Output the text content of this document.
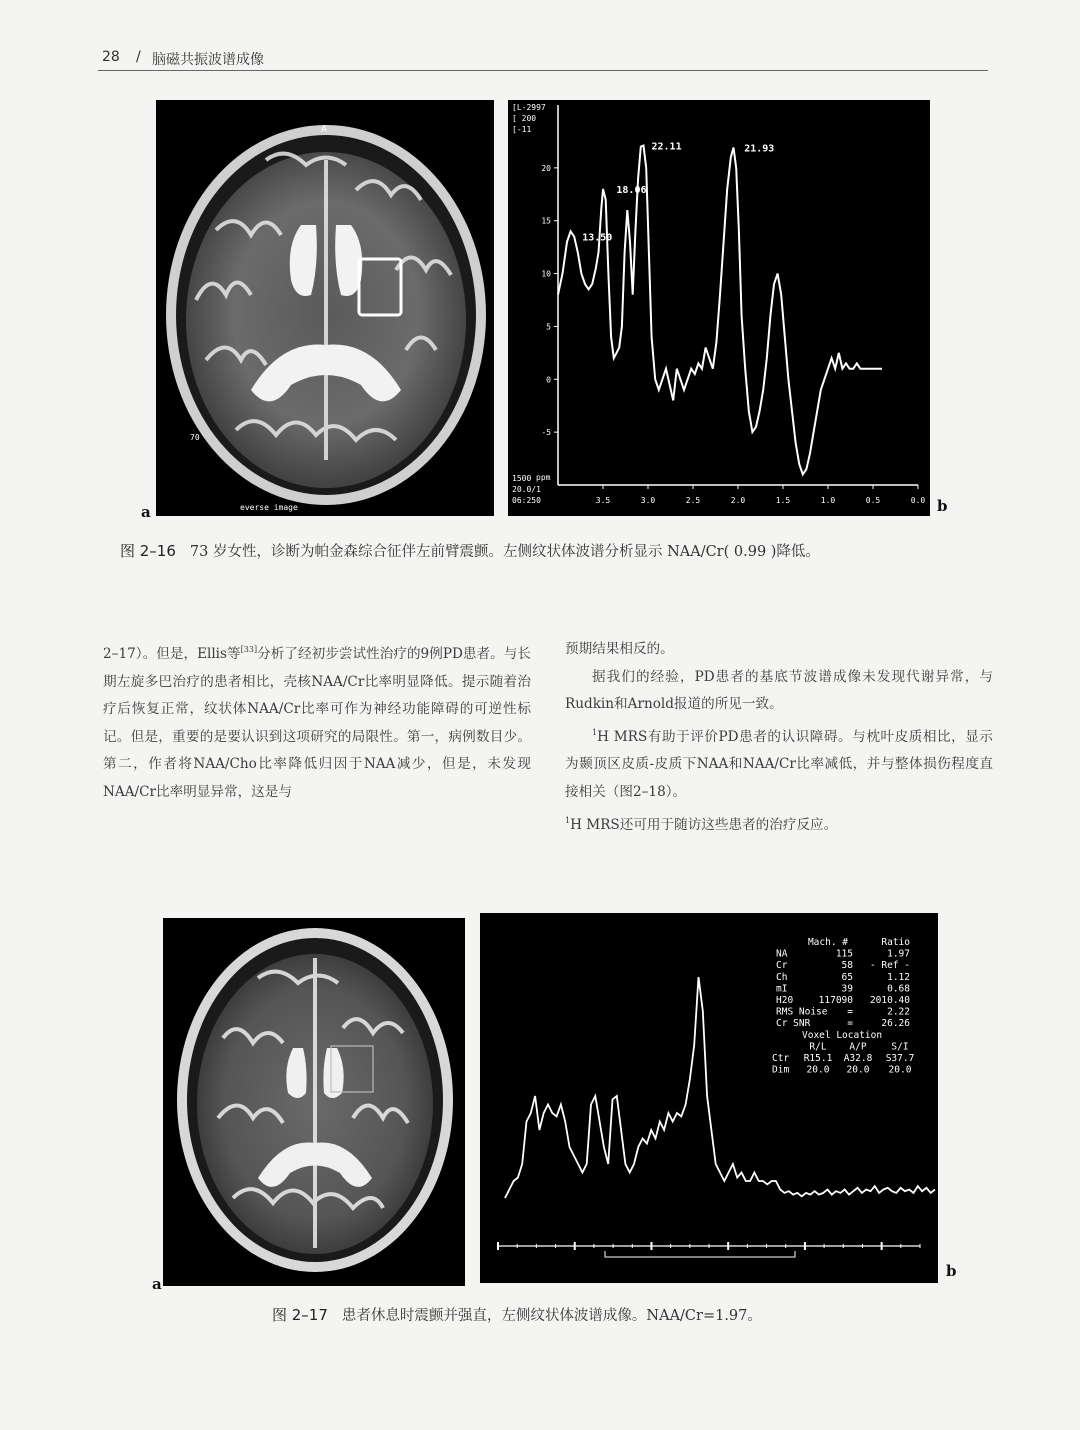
28 / 脑磁共振波谱成像
A
70
everse image
a
20
15
10
5
0
-5
3.5	3.0	2.5	2.0	1.5	1.0	0.5	0.0
13.50
18.06
22.11	21.93
[L-2997
[ 200
[-11
ppm
1500
20.0/1
06:250	b
图 2–16 73 岁女性，诊断为帕金森综合征伴左前臂震颤。左侧纹状体波谱分析显示 NAA/Cr( 0.99 )降低。

2–17）。但是，Ellis等[33]分析了经初步尝试性治疗的9例PD患者。与长期左旋多巴治疗的患者相比，壳核NAA/Cr比率明显降低。提示随着治疗后恢复正常，纹状体NAA/Cr比率可作为神经功能障碍的可逆性标记。但是，重要的是要认识到这项研究的局限性。第一，病例数目少。第二，作者将NAA/Cho比率降低归因于NAA减少，但是，未发现NAA/Cr比率明显异常，这是与

预期结果相反的。

据我们的经验，PD患者的基底节波谱成像未发现代谢异常，与Rudkin和Arnold报道的所见一致。

$^1$H MRS有助于评价PD患者的认识障碍。与枕叶皮质相比，显示为颞顶区皮质-皮质下NAA和NAA/Cr比率减低，并与整体损伤程度直接相关（图2–18）。

$^1$H MRS还可用于随访这些患者的治疗反应。

a
Mach. #	Ratio
NA	115	1.97
Cr	58 - Ref -
Ch	65	1.12
mI	39	0.68
H20	117090 2010.40
RMS Noise =	2.22
Cr SNR	=	26.26
Voxel Location
R/L A/P	S/I
Ctr R15.1 A32.8 S37.7
Dim 20.0 20.0 20.0
b
图 2–17 患者休息时震颤并强直，左侧纹状体波谱成像。NAA/Cr=1.97。
